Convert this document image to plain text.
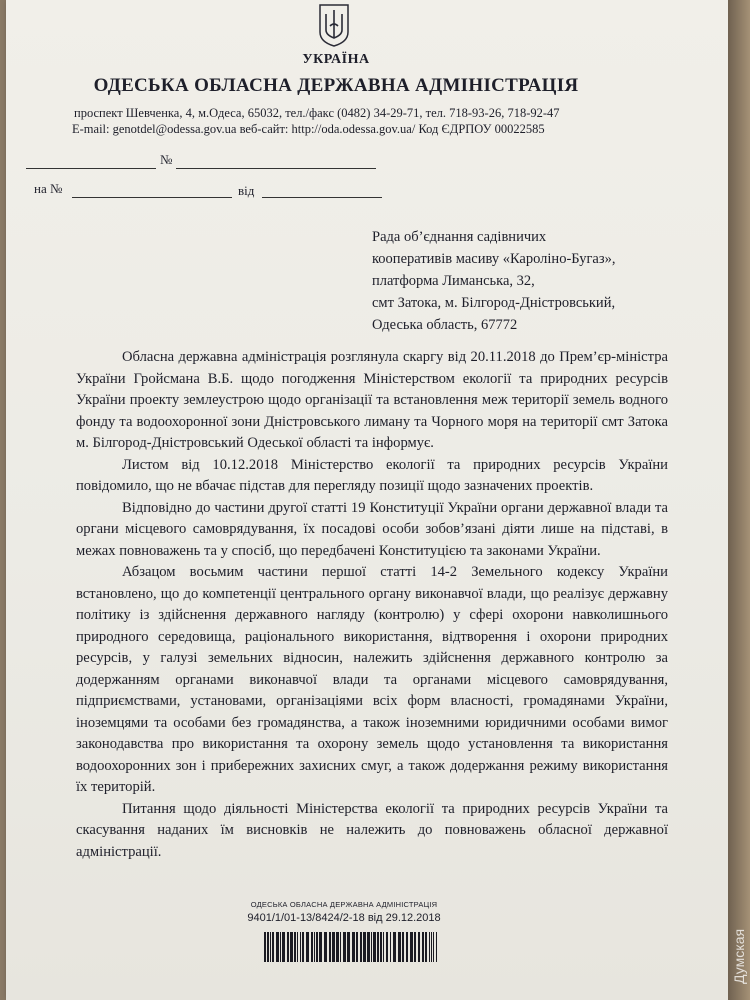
УКРАЇНА
ОДЕСЬКА ОБЛАСНА ДЕРЖАВНА АДМІНІСТРАЦІЯ
проспект Шевченка, 4, м.Одеса, 65032, тел./факс (0482) 34-29-71, тел. 718-93-26, 718-92-47
E-mail: genotdel@odessa.gov.ua веб-сайт: http://oda.odessa.gov.ua/ Код ЄДРПОУ 00022585
№
на №	від
Рада об’єднання садівничих
кооперативів масиву «Кароліно-Бугаз»,
платформа Лиманська, 32,
смт Затока, м. Білгород-Дністровський,
Одеська область, 67772

Обласна державна адміністрація розглянула скаргу від 20.11.2018 до Прем’єр-міністра України Гройсмана В.Б. щодо погодження Міністерством екології та природних ресурсів України проекту землеустрою щодо організації та встановлення меж території земель водного фонду та водоохоронної зони Дністровського лиману та Чорного моря на території смт Затока м. Білгород-Дністровський Одеської області та інформує.

Листом від 10.12.2018 Міністерство екології та природних ресурсів України повідомило, що не вбачає підстав для перегляду позиції щодо зазначених проектів.

Відповідно до частини другої статті 19 Конституції України органи державної влади та органи місцевого самоврядування, їх посадові особи зобов’язані діяти лише на підставі, в межах повноважень та у спосіб, що передбачені Конституцією та законами України.

Абзацом восьмим частини першої статті 14-2 Земельного кодексу України встановлено, що до компетенції центрального органу виконавчої влади, що реалізує державну політику із здійснення державного нагляду (контролю) у сфері охорони навколишнього природного середовища, раціонального використання, відтворення і охорони природних ресурсів, у галузі земельних відносин, належить здійснення державного контролю за додержанням органами виконавчої влади та органами місцевого самоврядування, підприємствами, установами, організаціями всіх форм власності, громадянами України, іноземцями та особами без громадянства, а також іноземними юридичними особами вимог законодавства про використання та охорону земель щодо установлення та використання водоохоронних зон і прибережних захисних смуг, а також додержання режиму використання їх територій.

Питання щодо діяльності Міністерства екології та природних ресурсів України та скасування наданих їм висновків не належить до повноважень обласної державної адміністрації.

ОДЕСЬКА ОБЛАСНА ДЕРЖАВНА АДМІНІСТРАЦІЯ
9401/1/01-13/8424/2-18 від 29.12.2018
Думская
